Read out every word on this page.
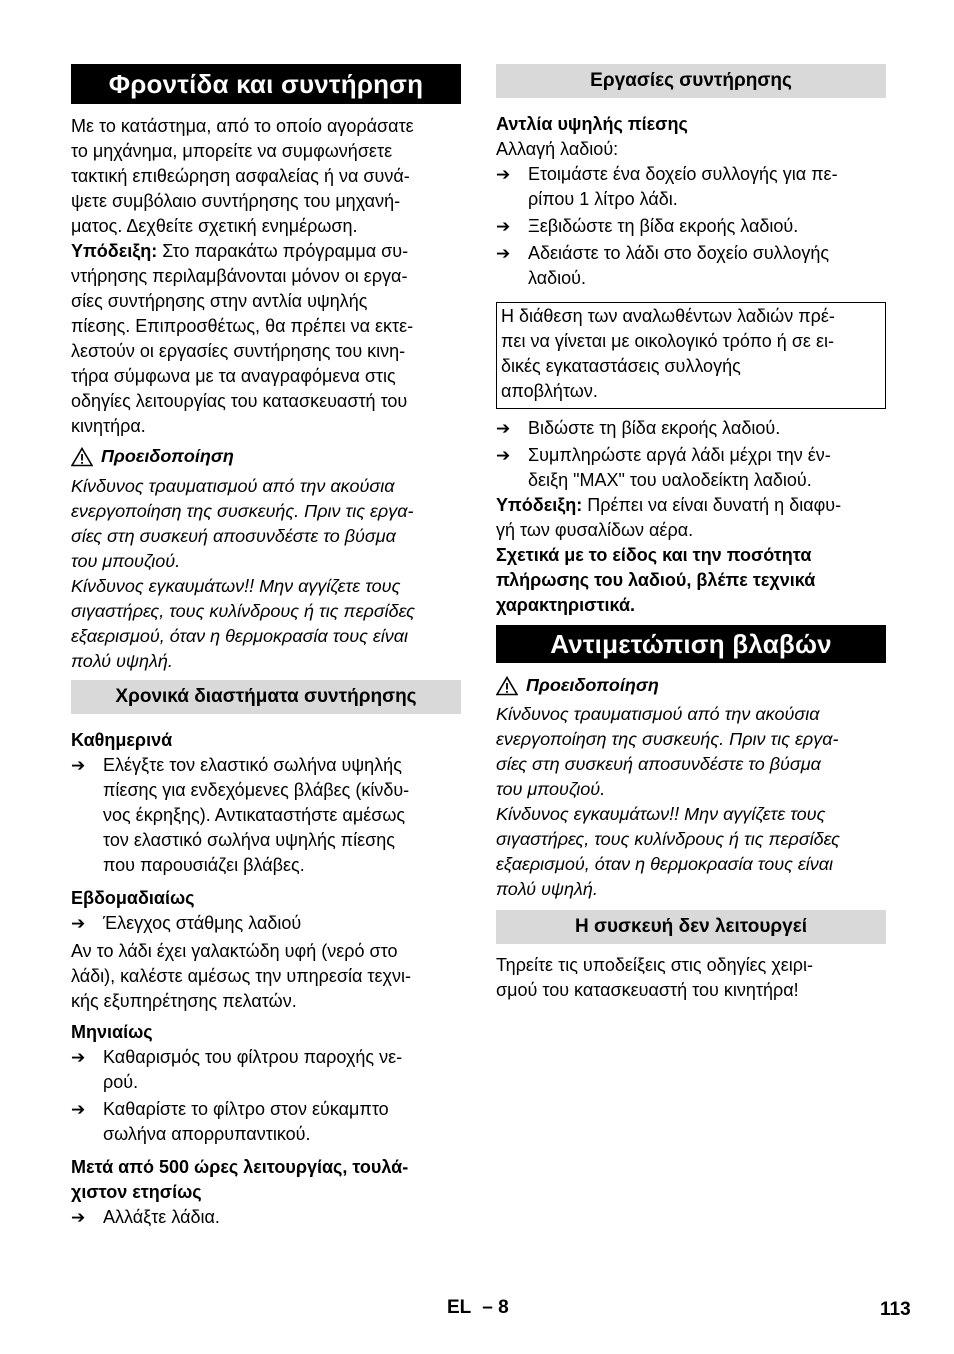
Φροντίδα και συντήρηση
Με το κατάστημα, από το οποίο αγοράσατε
το μηχάνημα, μπορείτε να συμφωνήσετε
τακτική επιθεώρηση ασφαλείας ή να συνά-
ψετε συμβόλαιο συντήρησης του μηχανή-
ματος. Δεχθείτε σχετική ενημέρωση.
Υπόδειξη: Στο παρακάτω πρόγραμμα συ-
ντήρησης περιλαμβάνονται μόνον οι εργα-
σίες συντήρησης στην αντλία υψηλής
πίεσης. Επιπροσθέτως, θα πρέπει να εκτε-
λεστούν οι εργασίες συντήρησης του κινη-
τήρα σύμφωνα με τα αναγραφόμενα στις
οδηγίες λειτουργίας του κατασκευαστή του
κινητήρα.
Προειδοποίηση
Κίνδυνος τραυματισμού από την ακούσια
ενεργοποίηση της συσκευής. Πριν τις εργα-
σίες στη συσκευή αποσυνδέστε το βύσμα
του μπουζιού.
Κίνδυνος εγκαυμάτων!! Μην αγγίζετε τους
σιγαστήρες, τους κυλίνδρους ή τις περσίδες
εξαερισμού, όταν η θερμοκρασία τους είναι
πολύ υψηλή.
Χρονικά διαστήματα συντήρησης
Καθημερινά
➔ Ελέγξτε τον ελαστικό σωλήνα υψηλής
πίεσης για ενδεχόμενες βλάβες (κίνδυ-
νος έκρηξης). Αντικαταστήστε αμέσως
τον ελαστικό σωλήνα υψηλής πίεσης
που παρουσιάζει βλάβες.
Εβδομαδιαίως
➔ Έλεγχος στάθμης λαδιού
Αν το λάδι έχει γαλακτώδη υφή (νερό στο
λάδι), καλέστε αμέσως την υπηρεσία τεχνι-
κής εξυπηρέτησης πελατών.
Μηνιαίως
➔ Καθαρισμός του φίλτρου παροχής νε-
ρού.
➔ Καθαρίστε το φίλτρο στον εύκαμπτο
σωλήνα απορρυπαντικού.
Μετά από 500 ώρες λειτουργίας, τουλά-
χιστον ετησίως
➔ Αλλάξτε λάδια.
Εργασίες συντήρησης
Αντλία υψηλής πίεσης
Αλλαγή λαδιού:
➔ Ετοιμάστε ένα δοχείο συλλογής για πε-
ρίπου 1 λίτρο λάδι.
➔ Ξεβιδώστε τη βίδα εκροής λαδιού.
➔ Αδειάστε το λάδι στο δοχείο συλλογής
λαδιού.
Η διάθεση των αναλωθέντων λαδιών πρέ-
πει να γίνεται με οικολογικό τρόπο ή σε ει-
δικές εγκαταστάσεις συλλογής
αποβλήτων.
➔ Βιδώστε τη βίδα εκροής λαδιού.
➔ Συμπληρώστε αργά λάδι μέχρι την έν-
δειξη "MAX" του υαλοδείκτη λαδιού.
Υπόδειξη: Πρέπει να είναι δυνατή η διαφυ-
γή των φυσαλίδων αέρα.
Σχετικά με το είδος και την ποσότητα
πλήρωσης του λαδιού, βλέπε τεχνικά
χαρακτηριστικά.
Αντιμετώπιση βλαβών
Προειδοποίηση
Κίνδυνος τραυματισμού από την ακούσια
ενεργοποίηση της συσκευής. Πριν τις εργα-
σίες στη συσκευή αποσυνδέστε το βύσμα
του μπουζιού.
Κίνδυνος εγκαυμάτων!! Μην αγγίζετε τους
σιγαστήρες, τους κυλίνδρους ή τις περσίδες
εξαερισμού, όταν η θερμοκρασία τους είναι
πολύ υψηλή.
Η συσκευή δεν λειτουργεί
Τηρείτε τις υποδείξεις στις οδηγίες χειρι-
σμού του κατασκευαστή του κινητήρα!
EL – 8	113
